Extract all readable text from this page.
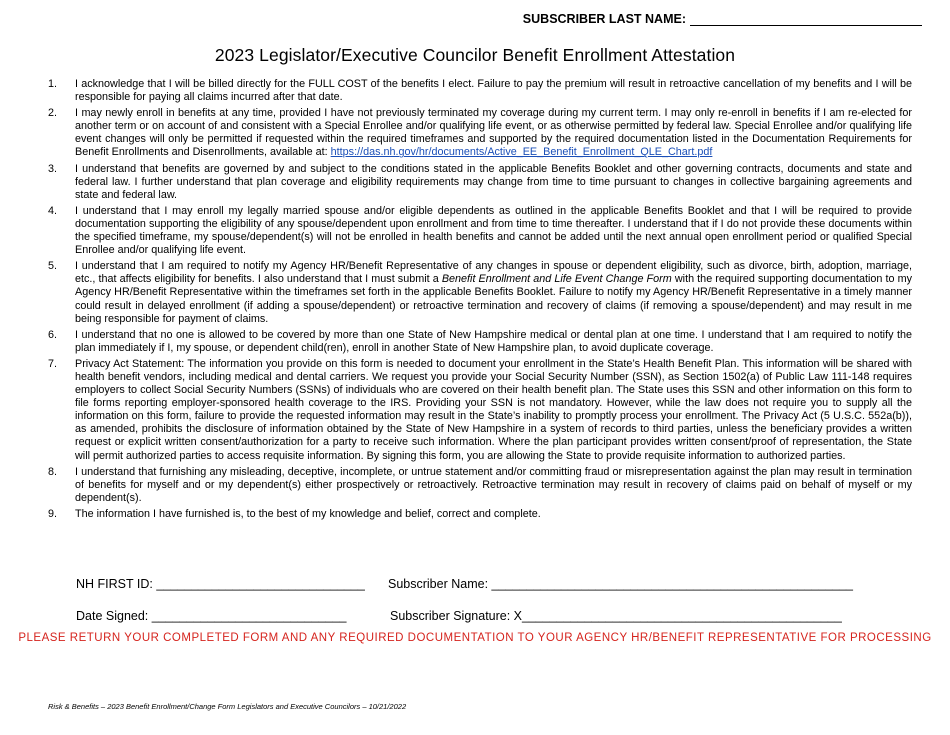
SUBSCRIBER LAST NAME:
2023 Legislator/Executive Councilor Benefit Enrollment Attestation
1.	I acknowledge that I will be billed directly for the FULL COST of the benefits I elect. Failure to pay the premium will result in retroactive cancellation of my benefits and I will be responsible for paying all claims incurred after that date.
2.	I may newly enroll in benefits at any time, provided I have not previously terminated my coverage during my current term. I may only re-enroll in benefits if I am re-elected for another term or on account of and consistent with a Special Enrollee and/or qualifying life event, or as otherwise permitted by federal law. Special Enrollee and/or qualifying life event changes will only be permitted if requested within the required timeframes and supported by the required documentation listed in the Documentation Requirements for Benefit Enrollments and Disenrollments, available at: https://das.nh.gov/hr/documents/Active_EE_Benefit_Enrollment_QLE_Chart.pdf
3.	I understand that benefits are governed by and subject to the conditions stated in the applicable Benefits Booklet and other governing contracts, documents and state and federal law. I further understand that plan coverage and eligibility requirements may change from time to time pursuant to changes in collective bargaining agreements and state and federal law.
4.	I understand that I may enroll my legally married spouse and/or eligible dependents as outlined in the applicable Benefits Booklet and that I will be required to provide documentation supporting the eligibility of any spouse/dependent upon enrollment and from time to time thereafter. I understand that if I do not provide these documents within the specified timeframe, my spouse/dependent(s) will not be enrolled in health benefits and cannot be added until the next annual open enrollment period or qualified Special Enrollee and/or qualifying life event.
5.	I understand that I am required to notify my Agency HR/Benefit Representative of any changes in spouse or dependent eligibility, such as divorce, birth, adoption, marriage, etc., that affects eligibility for benefits. I also understand that I must submit a Benefit Enrollment and Life Event Change Form with the required supporting documentation to my Agency HR/Benefit Representative within the timeframes set forth in the applicable Benefits Booklet. Failure to notify my Agency HR/Benefit Representative in a timely manner could result in delayed enrollment (if adding a spouse/dependent) or retroactive termination and recovery of claims (if removing a spouse/dependent) and may result in me being responsible for payment of claims.
6.	I understand that no one is allowed to be covered by more than one State of New Hampshire medical or dental plan at one time. I understand that I am required to notify the plan immediately if I, my spouse, or dependent child(ren), enroll in another State of New Hampshire plan, to avoid duplicate coverage.
7.	Privacy Act Statement: The information you provide on this form is needed to document your enrollment in the State’s Health Benefit Plan. This information will be shared with health benefit vendors, including medical and dental carriers. We request you provide your Social Security Number (SSN), as Section 1502(a) of Public Law 111-148 requires employers to collect Social Security Numbers (SSNs) of individuals who are covered on their health benefit plan. The State uses this SSN and other information on this form to file forms reporting employer-sponsored health coverage to the IRS. Providing your SSN is not mandatory. However, while the law does not require you to supply all the information on this form, failure to provide the requested information may result in the State’s inability to promptly process your enrollment. The Privacy Act (5 U.S.C. 552a(b)), as amended, prohibits the disclosure of information obtained by the State of New Hampshire in a system of records to third parties, unless the beneficiary provides a written request or explicit written consent/authorization for a party to receive such information. Where the plan participant provides written consent/proof of representation, the State will permit authorized parties to access requisite information. By signing this form, you are allowing the State to provide requisite information to authorized parties.
8.	I understand that furnishing any misleading, deceptive, incomplete, or untrue statement and/or committing fraud or misrepresentation against the plan may result in termination of benefits for myself and or my dependent(s) either prospectively or retroactively. Retroactive termination may result in recovery of claims paid on behalf of myself or my dependent(s).
9.	The information I have furnished is, to the best of my knowledge and belief, correct and complete.
NH FIRST ID: ______________________________ Subscriber Name: ____________________________________________________
Date Signed: ____________________________	Subscriber Signature: X______________________________________________
PLEASE RETURN YOUR COMPLETED FORM AND ANY REQUIRED DOCUMENTATION TO YOUR AGENCY HR/BENEFIT REPRESENTATIVE FOR PROCESSING
Risk & Benefits – 2023 Benefit Enrollment/Change Form Legislators and Executive Councilors – 10/21/2022
